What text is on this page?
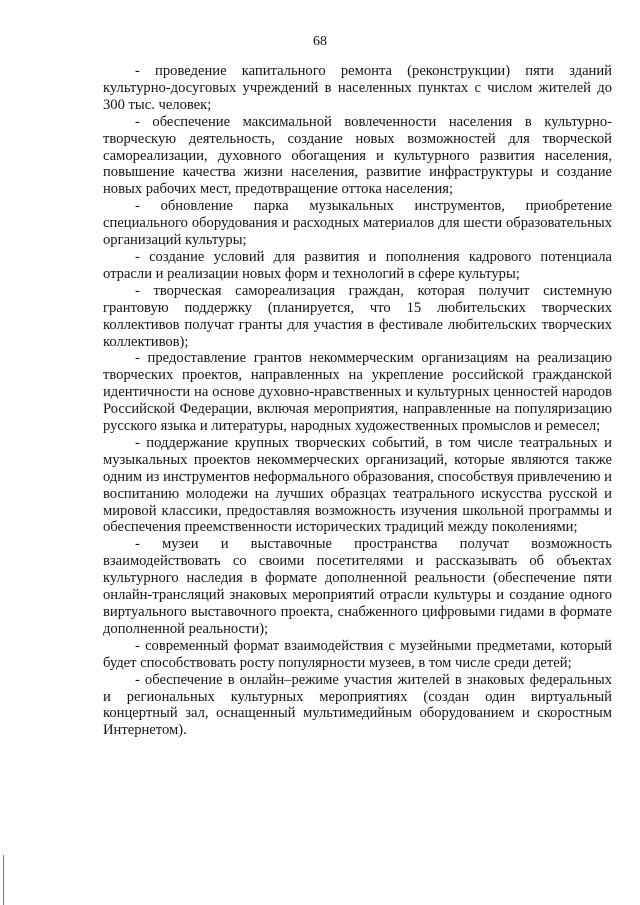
68

- проведение капитального ремонта (реконструкции) пяти зданий культурно-досуговых учреждений в населенных пунктах с числом жителей до 300 тыс. человек;

- обеспечение максимальной вовлеченности населения в культурно-творческую деятельность, создание новых возможностей для творческой самореализации, духовного обогащения и культурного развития населения, повышение качества жизни населения, развитие инфраструктуры и создание новых рабочих мест, предотвращение оттока населения;

- обновление парка музыкальных инструментов, приобретение специального оборудования и расходных материалов для шести образовательных организаций культуры;

- создание условий для развития и пополнения кадрового потенциала отрасли и реализации новых форм и технологий в сфере культуры;

- творческая самореализация граждан, которая получит системную грантовую поддержку (планируется, что 15 любительских творческих коллективов получат гранты для участия в фестивале любительских творческих коллективов);

- предоставление грантов некоммерческим организациям на реализацию творческих проектов, направленных на укрепление российской гражданской идентичности на основе духовно-нравственных и культурных ценностей народов Российской Федерации, включая мероприятия, направленные на популяризацию русского языка и литературы, народных художественных промыслов и ремесел;

- поддержание крупных творческих событий, в том числе театральных и музыкальных проектов некоммерческих организаций, которые являются также одним из инструментов неформального образования, способствуя привлечению и воспитанию молодежи на лучших образцах театрального искусства русской и мировой классики, предоставляя возможность изучения школьной программы и обеспечения преемственности исторических традиций между поколениями;

- музеи и выставочные пространства получат возможность взаимодействовать со своими посетителями и рассказывать об объектах культурного наследия в формате дополненной реальности (обеспечение пяти онлайн-трансляций знаковых мероприятий отрасли культуры и создание одного виртуального выставочного проекта, снабженного цифровыми гидами в формате дополненной реальности);

- современный формат взаимодействия с музейными предметами, который будет способствовать росту популярности музеев, в том числе среди детей;

- обеспечение в онлайн–режиме участия жителей в знаковых федеральных и региональных культурных мероприятиях (создан один виртуальный концертный зал, оснащенный мультимедийным оборудованием и скоростным Интернетом).
